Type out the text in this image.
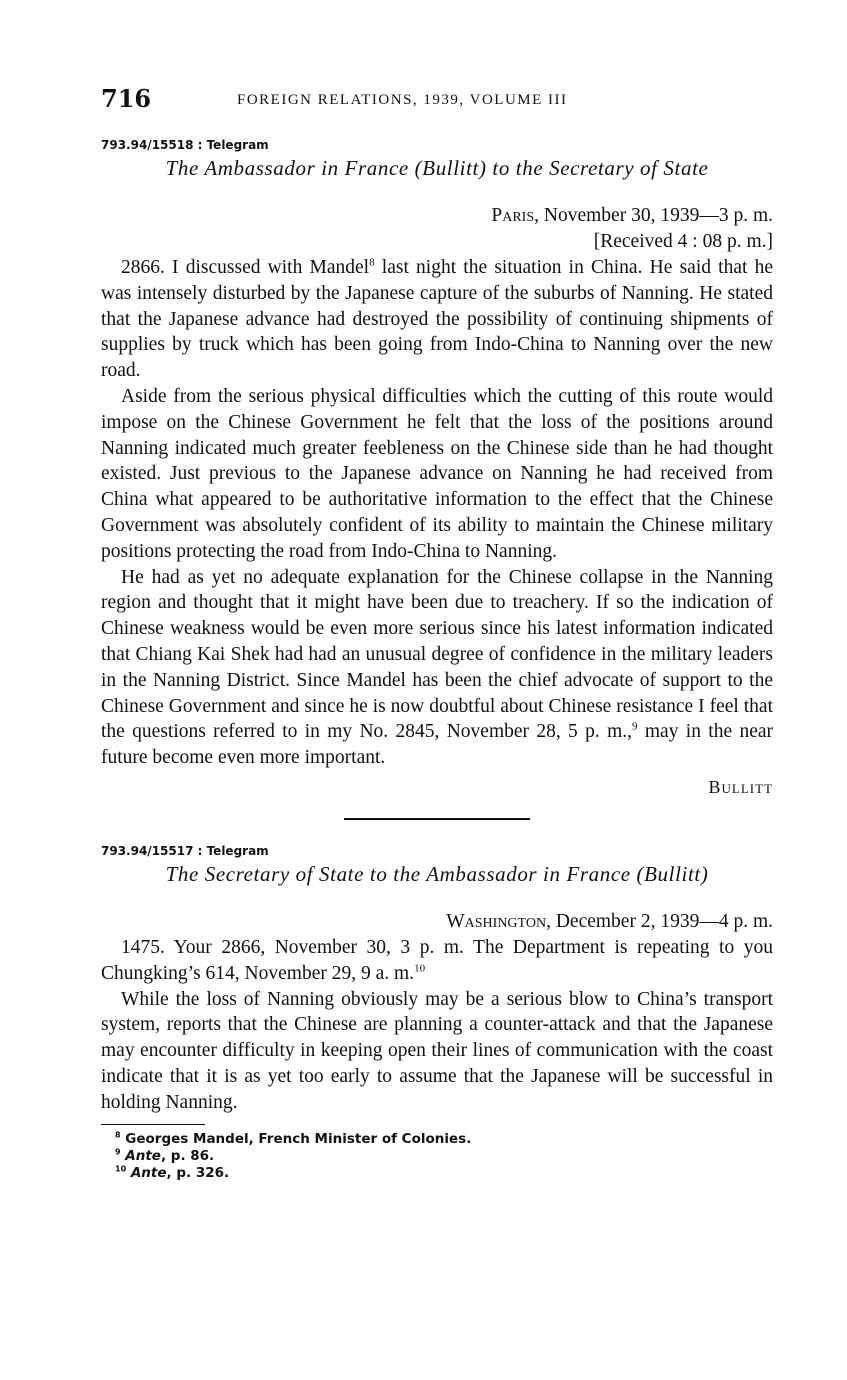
716	FOREIGN RELATIONS, 1939, VOLUME III
793.94/15518 : Telegram
The Ambassador in France (Bullitt) to the Secretary of State
Paris, November 30, 1939—3 p. m.
[Received 4 : 08 p. m.]

2866. I discussed with Mandel$^8$ last night the situation in China. He said that he was intensely disturbed by the Japanese capture of the suburbs of Nanning. He stated that the Japanese advance had destroyed the possibility of continuing shipments of supplies by truck which has been going from Indo-China to Nanning over the new road.

Aside from the serious physical difficulties which the cutting of this route would impose on the Chinese Government he felt that the loss of the positions around Nanning indicated much greater feebleness on the Chinese side than he had thought existed. Just previous to the Japanese advance on Nanning he had received from China what appeared to be authoritative information to the effect that the Chinese Government was absolutely confident of its ability to maintain the Chinese military positions protecting the road from Indo-China to Nanning.

He had as yet no adequate explanation for the Chinese collapse in the Nanning region and thought that it might have been due to treachery. If so the indication of Chinese weakness would be even more serious since his latest information indicated that Chiang Kai Shek had had an unusual degree of confidence in the military leaders in the Nanning District. Since Mandel has been the chief advocate of support to the Chinese Government and since he is now doubtful about Chinese resistance I feel that the questions referred to in my No. 2845, November 28, 5 p. m.,$^9$ may in the near future become even more important.

Bullitt
793.94/15517 : Telegram
The Secretary of State to the Ambassador in France (Bullitt)
Washington, December 2, 1939—4 p. m.

1475. Your 2866, November 30, 3 p. m. The Department is repeating to you Chungking’s 614, November 29, 9 a. m.$^{10}$

While the loss of Nanning obviously may be a serious blow to China’s transport system, reports that the Chinese are planning a counter-attack and that the Japanese may encounter difficulty in keeping open their lines of communication with the coast indicate that it is as yet too early to assume that the Japanese will be successful in holding Nanning.

$^8$ Georges Mandel, French Minister of Colonies.
$^9$ Ante, p. 86.
$^{10}$ Ante, p. 326.
